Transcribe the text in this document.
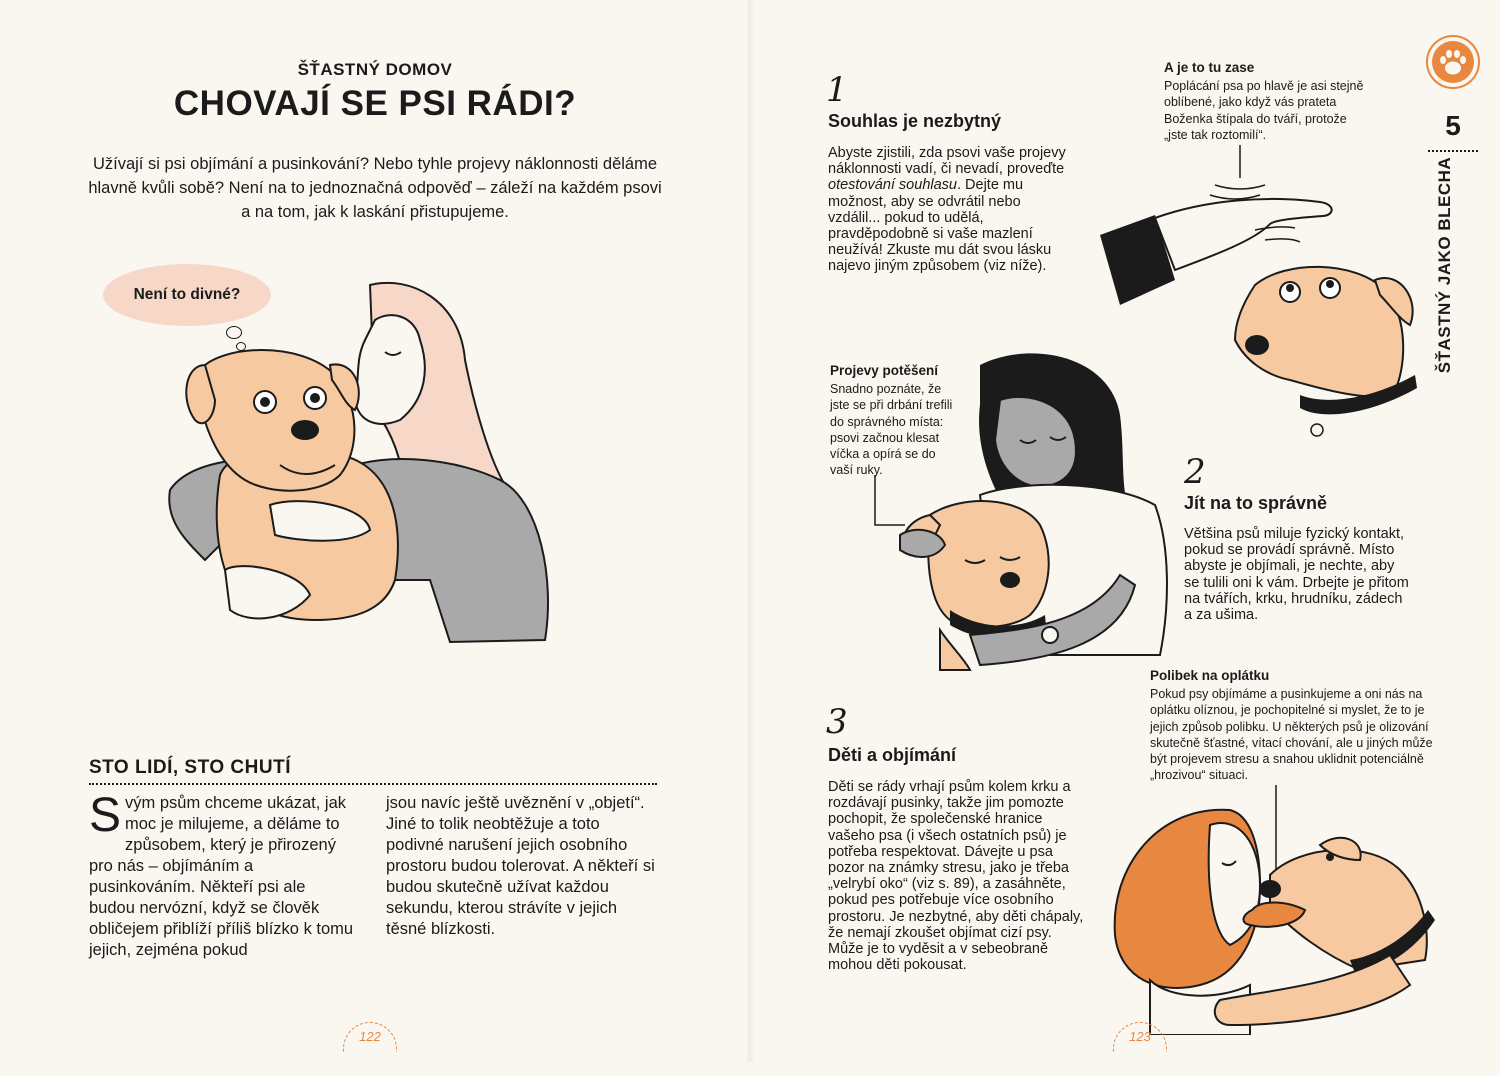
ŠŤASTNÝ DOMOV
CHOVAJÍ SE PSI RÁDI?
Užívají si psi objímání a pusinkování? Nebo tyhle projevy náklonnosti děláme hlavně kvůli sobě? Není na to jednoznačná odpověď – záleží na každém psovi a na tom, jak k laskání přistupujeme.
Není to divné?
STO LIDÍ, STO CHUTÍ
S vým psům chceme ukázat, jak moc je milujeme, a děláme to způsobem, který je přirozený pro nás – objímáním a pusinkováním. Někteří psi ale budou nervózní, když se člověk obličejem přiblíží příliš blízko k tomu jejich, zejména pokud
jsou navíc ještě uvěznění v „objetí“. Jiné to tolik neobtěžuje a toto podivné narušení jejich osobního prostoru budou tolerovat. A někteří si budou skutečně užívat každou sekundu, kterou strávíte v jejich těsné blízkosti.
122
1
Souhlas je nezbytný
Abyste zjistili, zda psovi vaše projevy náklonnosti vadí, či nevadí, proveďte otestování souhlasu. Dejte mu možnost, aby se odvrátil nebo vzdálil... pokud to udělá, pravděpodobně si vaše mazlení neužívá! Zkuste mu dát svou lásku najevo jiným způsobem (viz níže).
A je to tu zase
Poplácání psa po hlavě je asi stejně oblíbené, jako když vás prateta Boženka štípala do tváří, protože „jste tak roztomilí“.
Projevy potěšení
Snadno poznáte, že jste se při drbání trefili do správného místa: psovi začnou klesat víčka a opírá se do vaší ruky.	2
Jít na to správně
Většina psů miluje fyzický kontakt, pokud se provádí správně. Místo abyste je objímali, je nechte, aby se tulili oni k vám. Drbejte je přitom na tvářích, krku, hrudníku, zádech a za ušima.
Polibek na oplátku
Pokud psy objímáme a pusinkujeme a oni nás na oplátku olíznou, je pochopitelné si myslet, že to je jejich způsob polibku. U některých psů je olizování skutečně šťastné, vítací chování, ale u jiných může být projevem stresu a snahou uklidnit potenciálně „hrozivou“ situaci.
3
Děti a objímání
Děti se rády vrhají psům kolem krku a rozdávají pusinky, takže jim pomozte pochopit, že společenské hranice vašeho psa (i všech ostatních psů) je potřeba respektovat. Dávejte u psa pozor na známky stresu, jako je třeba „velrybí oko“ (viz s. 89), a zasáhněte, pokud pes potřebuje více osobního prostoru. Je nezbytné, aby děti chápaly, že nemají zkoušet objímat cizí psy. Může je to vyděsit a v sebeobraně mohou děti pokousat.
5
ŠŤASTNÝ JAKO BLECHA
123
